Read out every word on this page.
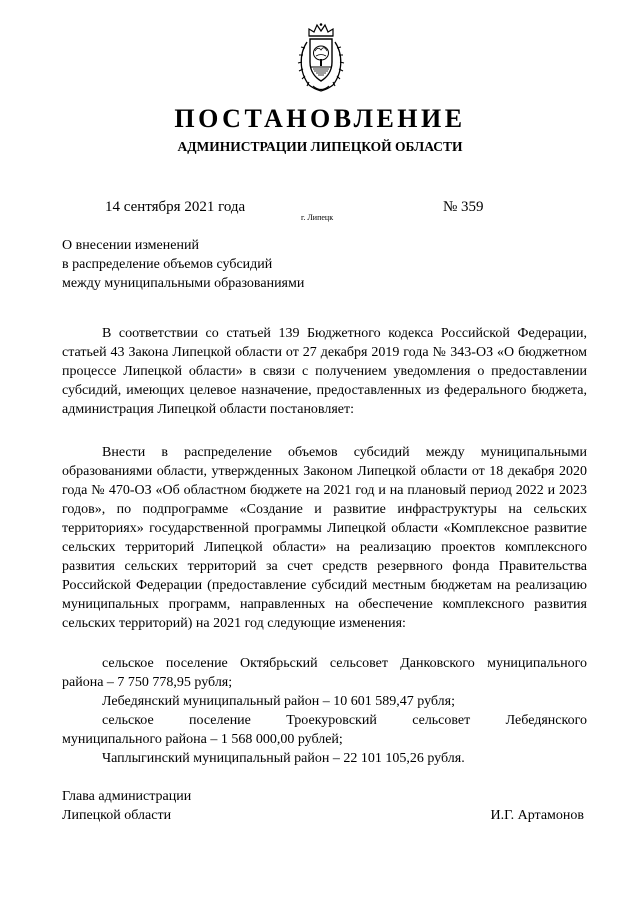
ПОСТАНОВЛЕНИЕ
АДМИНИСТРАЦИИ ЛИПЕЦКОЙ ОБЛАСТИ
14 сентября 2021 года
г. Липецк
№ 359
О внесении изменений
в распределение объемов субсидий
между муниципальными образованиями

В соответствии со статьей 139 Бюджетного кодекса Российской Федерации, статьей 43 Закона Липецкой области от 27 декабря 2019 года № 343-ОЗ «О бюджетном процессе Липецкой области» в связи с получением уведомления о предоставлении субсидий, имеющих целевое назначение, предоставленных из федерального бюджета, администрация Липецкой области постановляет:

Внести в распределение объемов субсидий между муниципальными образованиями области, утвержденных Законом Липецкой области от 18 декабря 2020 года № 470-ОЗ «Об областном бюджете на 2021 год и на плановый период 2022 и 2023 годов», по подпрограмме «Создание и развитие инфраструктуры на сельских территориях» государственной программы Липецкой области «Комплексное развитие сельских территорий Липецкой области» на реализацию проектов комплексного развития сельских территорий за счет средств резервного фонда Правительства Российской Федерации (предоставление субсидий местным бюджетам на реализацию муниципальных программ, направленных на обеспечение комплексного развития сельских территорий) на 2021 год следующие изменения:

сельское поселение Октябрьский сельсовет Данковского муниципального района – 7 750 778,95 рубля;

Лебедянский муниципальный район – 10 601 589,47 рубля;

сельское поселение Троекуровский сельсовет Лебедянского

муниципального района – 1 568 000,00 рублей;

Чаплыгинский муниципальный район – 22 101 105,26 рубля.

Глава администрации
Липецкой области	И.Г. Артамонов
